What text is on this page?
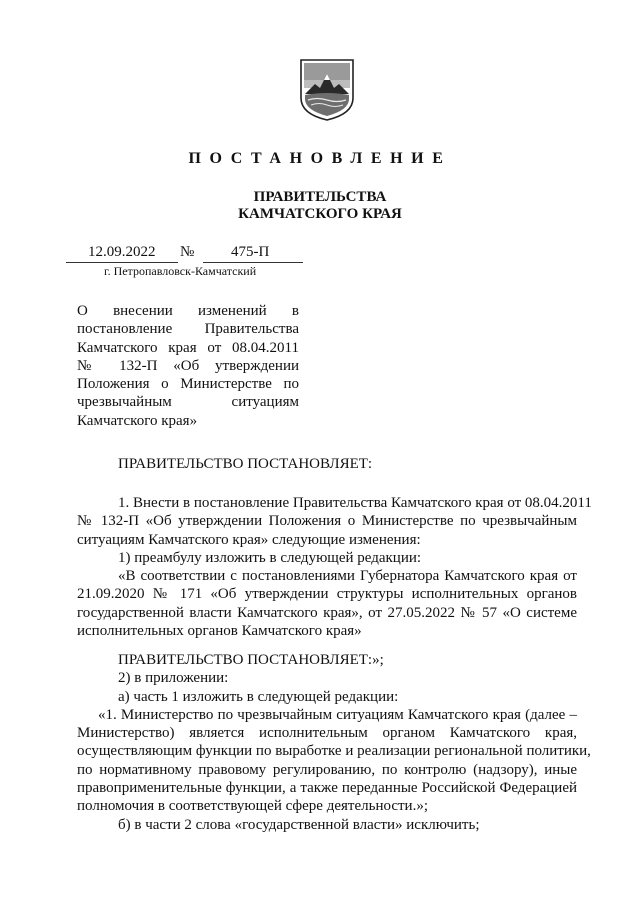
ПОСТАНОВЛЕНИЕ
ПРАВИТЕЛЬСТВА
КАМЧАТСКОГО КРАЯ
12.09.2022 № 475-П
г. Петропавловск-Камчатский
О внесении изменений в
постановление Правительства
Камчатского края от 08.04.2011
№ 132-П «Об утверждении
Положения о Министерстве по
чрезвычайным ситуациям
Камчатского края»
ПРАВИТЕЛЬСТВО ПОСТАНОВЛЯЕТ:
1. Внести в постановление Правительства Камчатского края от 08.04.2011
№ 132-П «Об утверждении Положения о Министерстве по чрезвычайным
ситуациям Камчатского края» следующие изменения:
1) преамбулу изложить в следующей редакции:
«В соответствии с постановлениями Губернатора Камчатского края от
21.09.2020 № 171 «Об утверждении структуры исполнительных органов
государственной власти Камчатского края», от 27.05.2022 № 57 «О системе
исполнительных органов Камчатского края»
ПРАВИТЕЛЬСТВО ПОСТАНОВЛЯЕТ:»;
2) в приложении:
а) часть 1 изложить в следующей редакции:
«1. Министерство по чрезвычайным ситуациям Камчатского края (далее –
Министерство) является исполнительным органом Камчатского края,
осуществляющим функции по выработке и реализации региональной политики,
по нормативному правовому регулированию, по контролю (надзору), иные
правоприменительные функции, а также переданные Российской Федерацией
полномочия в соответствующей сфере деятельности.»;
б) в части 2 слова «государственной власти» исключить;
